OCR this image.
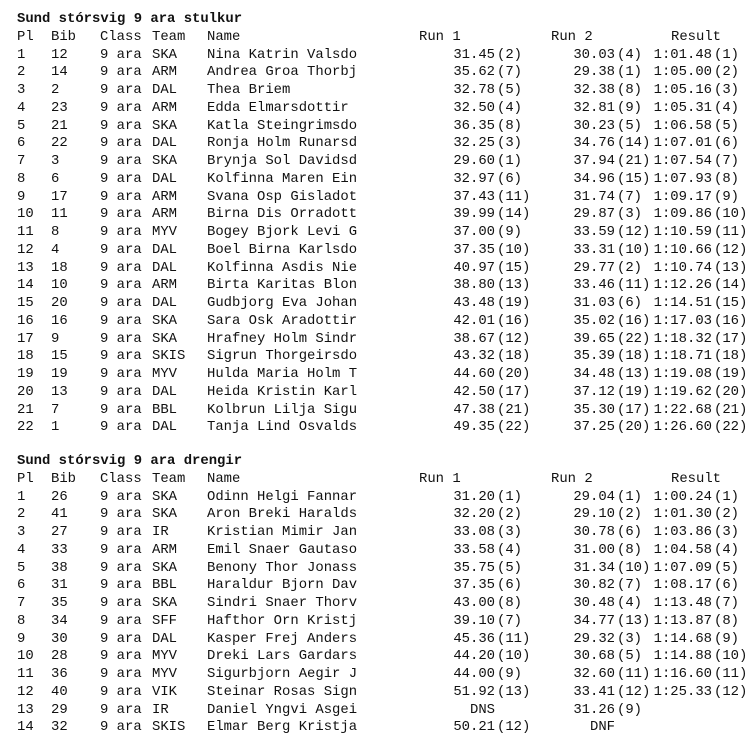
Sund stórsvig 9 ara stulkur
Pl Bib Class Team Name	Run 1	Run 2	Result
1 12 9 ara SKA Nina Katrin Valsdo	31.45 (2)	30.03 (4) 1:01.48 (1)
2 14 9 ara ARM Andrea Groa Thorbj	35.62 (7)	29.38 (1) 1:05.00 (2)
3 2	9 ara DAL Thea Briem	32.78 (5)	32.38 (8) 1:05.16 (3)
4 23 9 ara ARM Edda Elmarsdottir	32.50 (4)	32.81 (9) 1:05.31 (4)
5 21 9 ara SKA Katla Steingrimsdo	36.35 (8)	30.23 (5) 1:06.58 (5)
6 22 9 ara DAL Ronja Holm Runarsd	32.25 (3)	34.76 (14) 1:07.01 (6)
7 3	9 ara SKA Brynja Sol Davidsd	29.60 (1)	37.94 (21) 1:07.54 (7)
8 6	9 ara DAL Kolfinna Maren Ein	32.97 (6)	34.96 (15) 1:07.93 (8)
9 17 9 ara ARM Svana Osp Gisladot	37.43 (11)	31.74 (7) 1:09.17 (9)
10 11 9 ara ARM Birna Dis Orradott	39.99 (14)	29.87 (3) 1:09.86 (10)
11 8	9 ara MYV Bogey Bjork Levi G	37.00 (9)	33.59 (12) 1:10.59 (11)
12 4	9 ara DAL Boel Birna Karlsdo	37.35 (10)	33.31 (10) 1:10.66 (12)
13 18 9 ara DAL Kolfinna Asdis Nie	40.97 (15)	29.77 (2) 1:10.74 (13)
14 10 9 ara ARM Birta Karitas Blon	38.80 (13)	33.46 (11) 1:12.26 (14)
15 20 9 ara DAL Gudbjorg Eva Johan	43.48 (19)	31.03 (6) 1:14.51 (15)
16 16 9 ara SKA Sara Osk Aradottir	42.01 (16)	35.02 (16) 1:17.03 (16)
17 9	9 ara SKA Hrafney Holm Sindr	38.67 (12)	39.65 (22) 1:18.32 (17)
18 15 9 ara SKIS Sigrun Thorgeirsdo	43.32 (18)	35.39 (18) 1:18.71 (18)
19 19 9 ara MYV Hulda Maria Holm T	44.60 (20)	34.48 (13) 1:19.08 (19)
20 13 9 ara DAL Heida Kristin Karl	42.50 (17)	37.12 (19) 1:19.62 (20)
21 7	9 ara BBL Kolbrun Lilja Sigu	47.38 (21)	35.30 (17) 1:22.68 (21)
22 1	9 ara DAL Tanja Lind Osvalds	49.35 (22)	37.25 (20) 1:26.60 (22)
Sund stórsvig 9 ara drengir
Pl Bib Class Team Name	Run 1	Run 2	Result
1 26 9 ara SKA Odinn Helgi Fannar	31.20 (1)	29.04 (1) 1:00.24 (1)
2 41 9 ara SKA Aron Breki Haralds	32.20 (2)	29.10 (2) 1:01.30 (2)
3 27 9 ara IR	Kristian Mimir Jan	33.08 (3)	30.78 (6) 1:03.86 (3)
4 33 9 ara ARM Emil Snaer Gautaso	33.58 (4)	31.00 (8) 1:04.58 (4)
5 38 9 ara SKA Benony Thor Jonass	35.75 (5)	31.34 (10) 1:07.09 (5)
6 31 9 ara BBL Haraldur Bjorn Dav	37.35 (6)	30.82 (7) 1:08.17 (6)
7 35 9 ara SKA Sindri Snaer Thorv	43.00 (8)	30.48 (4) 1:13.48 (7)
8 34 9 ara SFF Hafthor Orn Kristj	39.10 (7)	34.77 (13) 1:13.87 (8)
9 30 9 ara DAL Kasper Frej Anders	45.36 (11)	29.32 (3) 1:14.68 (9)
10 28 9 ara MYV Dreki Lars Gardars	44.20 (10)	30.68 (5) 1:14.88 (10)
11 36 9 ara MYV Sigurbjorn Aegir J	44.00 (9)	32.60 (11) 1:16.60 (11)
12 40 9 ara VIK Steinar Rosas Sign	51.92 (13)	33.41 (12) 1:25.33 (12)
13 29 9 ara IR	Daniel Yngvi Asgei	DNS	31.26 (9)
14 32 9 ara SKIS Elmar Berg Kristja	50.21 (12)	DNF
